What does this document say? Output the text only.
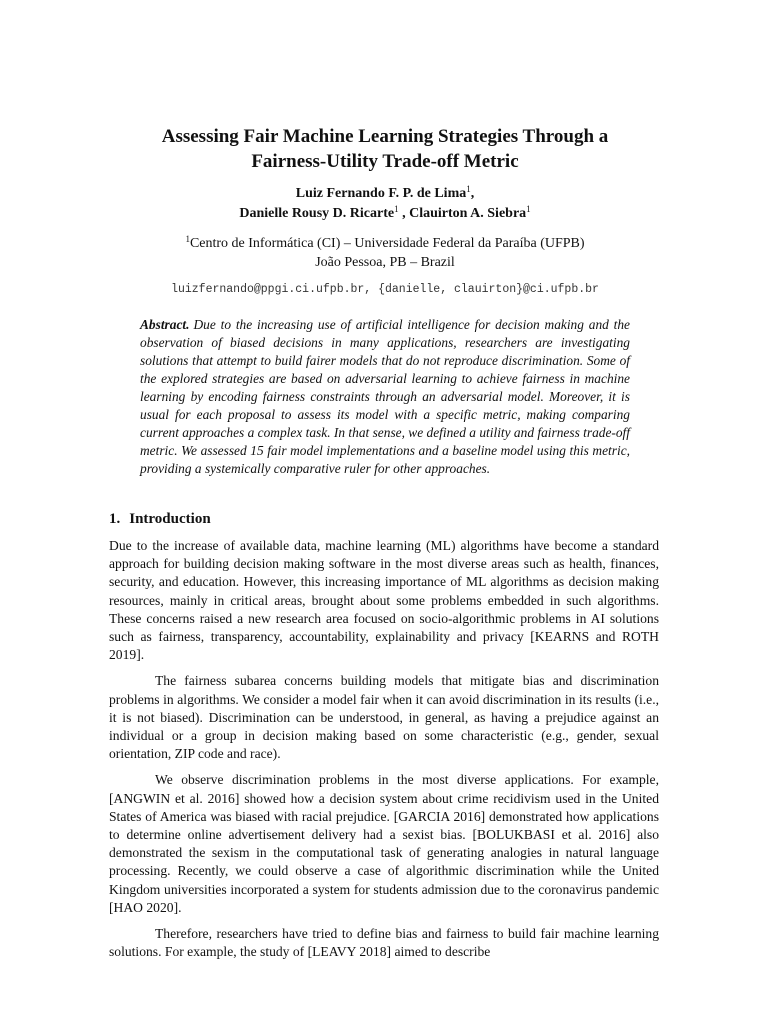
Assessing Fair Machine Learning Strategies Through a
Fairness-Utility Trade-off Metric
Luiz Fernando F. P. de Lima$^1$,
Danielle Rousy D. Ricarte$^1$ , Clauirton A. Siebra$^1$
$^1$Centro de Informática (CI) – Universidade Federal da Paraíba (UFPB)
João Pessoa, PB – Brazil
luizfernando@ppgi.ci.ufpb.br, {danielle, clauirton}@ci.ufpb.br
Abstract. Due to the increasing use of artificial intelligence for decision making and the observation of biased decisions in many applications, researchers are investigating solutions that attempt to build fairer models that do not reproduce discrimination. Some of the explored strategies are based on adversarial learning to achieve fairness in machine learning by encoding fairness constraints through an adversarial model. Moreover, it is usual for each proposal to assess its model with a specific metric, making comparing current approaches a complex task. In that sense, we defined a utility and fairness trade-off metric. We assessed 15 fair model implementations and a baseline model using this metric, providing a systemically comparative ruler for other approaches.
1. Introduction

Due to the increase of available data, machine learning (ML) algorithms have become a standard approach for building decision making software in the most diverse areas such as health, finances, security, and education. However, this increasing importance of ML algorithms as decision making resources, mainly in critical areas, brought about some problems embedded in such algorithms. These concerns raised a new research area focused on socio-algorithmic problems in AI solutions such as fairness, transparency, accountability, explainability and privacy [KEARNS and ROTH 2019].

The fairness subarea concerns building models that mitigate bias and discrimination problems in algorithms. We consider a model fair when it can avoid discrimination in its results (i.e., it is not biased). Discrimination can be understood, in general, as having a prejudice against an individual or a group in decision making based on some characteristic (e.g., gender, sexual orientation, ZIP code and race).

We observe discrimination problems in the most diverse applications. For example, [ANGWIN et al. 2016] showed how a decision system about crime recidivism used in the United States of America was biased with racial prejudice. [GARCIA 2016] demonstrated how applications to determine online advertisement delivery had a sexist bias. [BOLUKBASI et al. 2016] also demonstrated the sexism in the computational task of generating analogies in natural language processing. Recently, we could observe a case of algorithmic discrimination while the United Kingdom universities incorporated a system for students admission due to the coronavirus pandemic [HAO 2020].

Therefore, researchers have tried to define bias and fairness to build fair machine learning solutions. For example, the study of [LEAVY 2018] aimed to describe
